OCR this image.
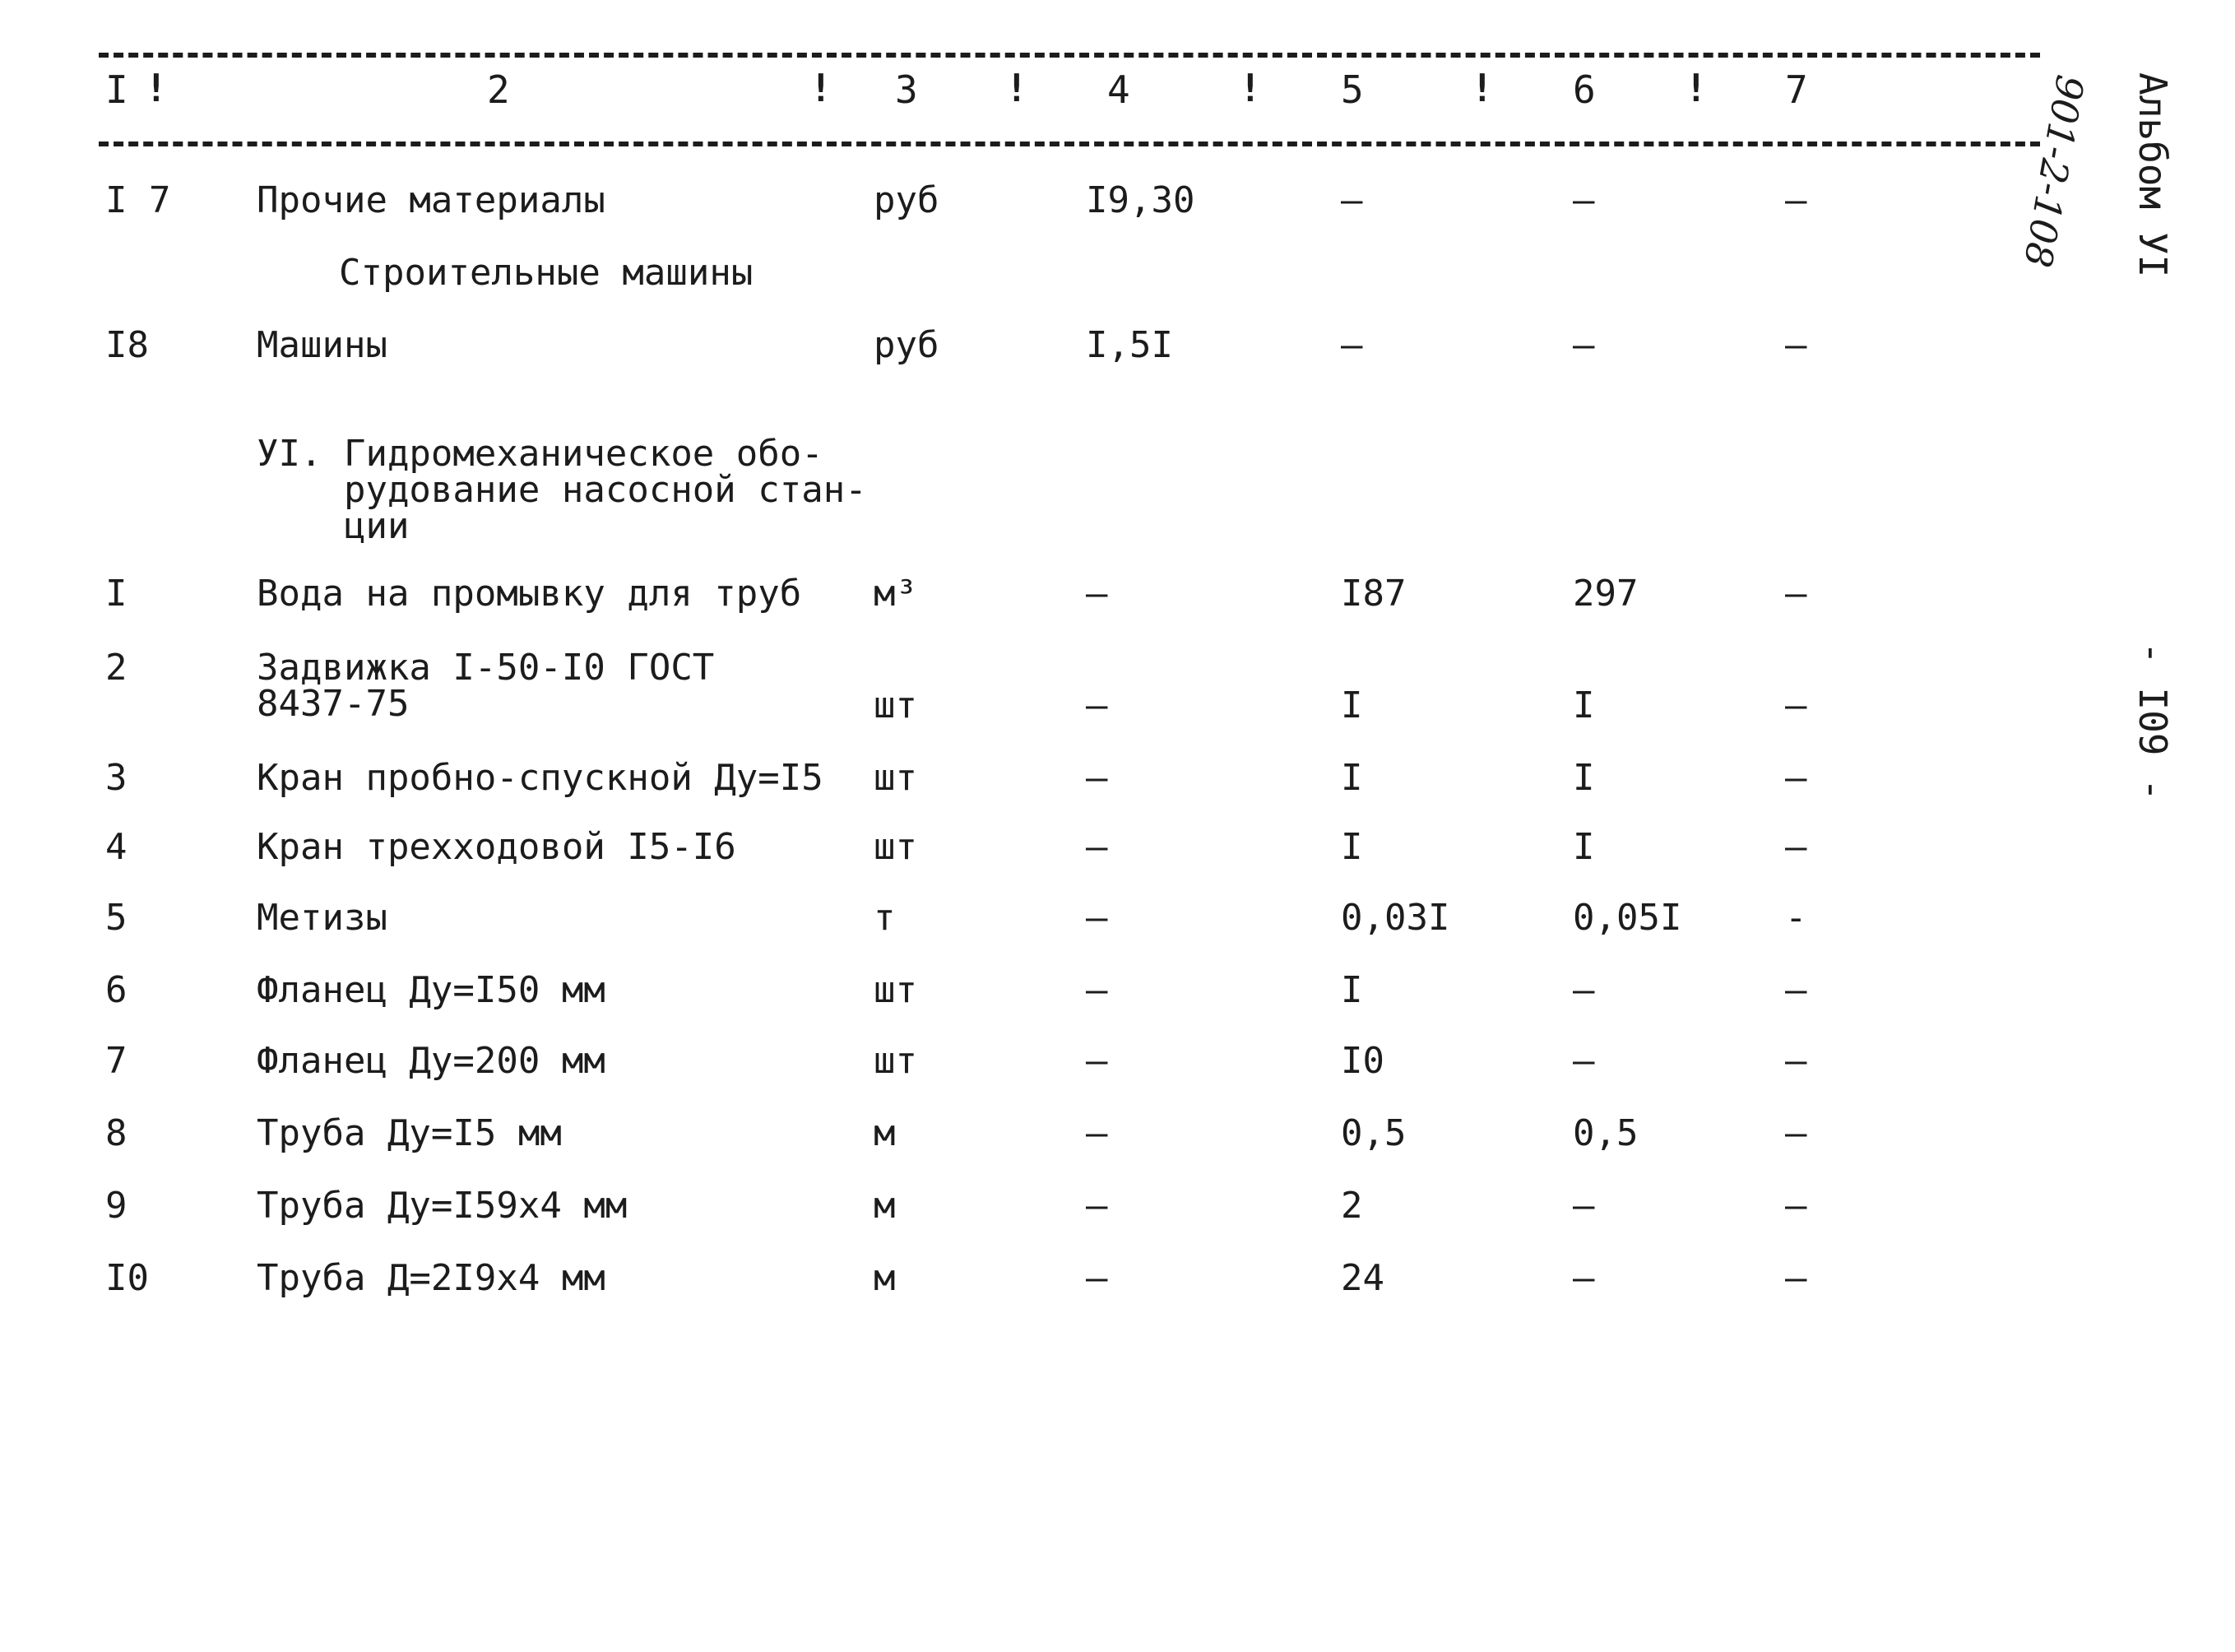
I	2	3	4	5	6	7
!	!	!	!	!	!
I 7 Прочие материалы	руб	I9,30	–	–	–
Строительные машины
I8	Машины	руб	I,5I	–	–	–
УI. Гидромеханическое обо-
рудование насосной стан-
ции
I	Вода на промывку для труб м³	–	I87	297	–
2	Задвижка I-50-I0 ГОСТ
8437-75	шт	–	I	I	–
3	Кран пробно-спускной Ду=I5 шт	–	I	I	–
4	Кран трехходовой I5-I6	шт	–	I	I	–
5	Метизы	т	–	0,03I	0,05I	-
6	Фланец Ду=I50 мм	шт	–	I	–	–
7	Фланец Ду=200 мм	шт	–	I0	–	–
8	Труба Ду=I5 мм	м	–	0,5	0,5	–
9	Труба Ду=I59х4 мм	м	–	2	–	–
I0	Труба Д=2I9х4 мм	м	–	24	–	–
Альбом УI
901-2-108
- I09 -
